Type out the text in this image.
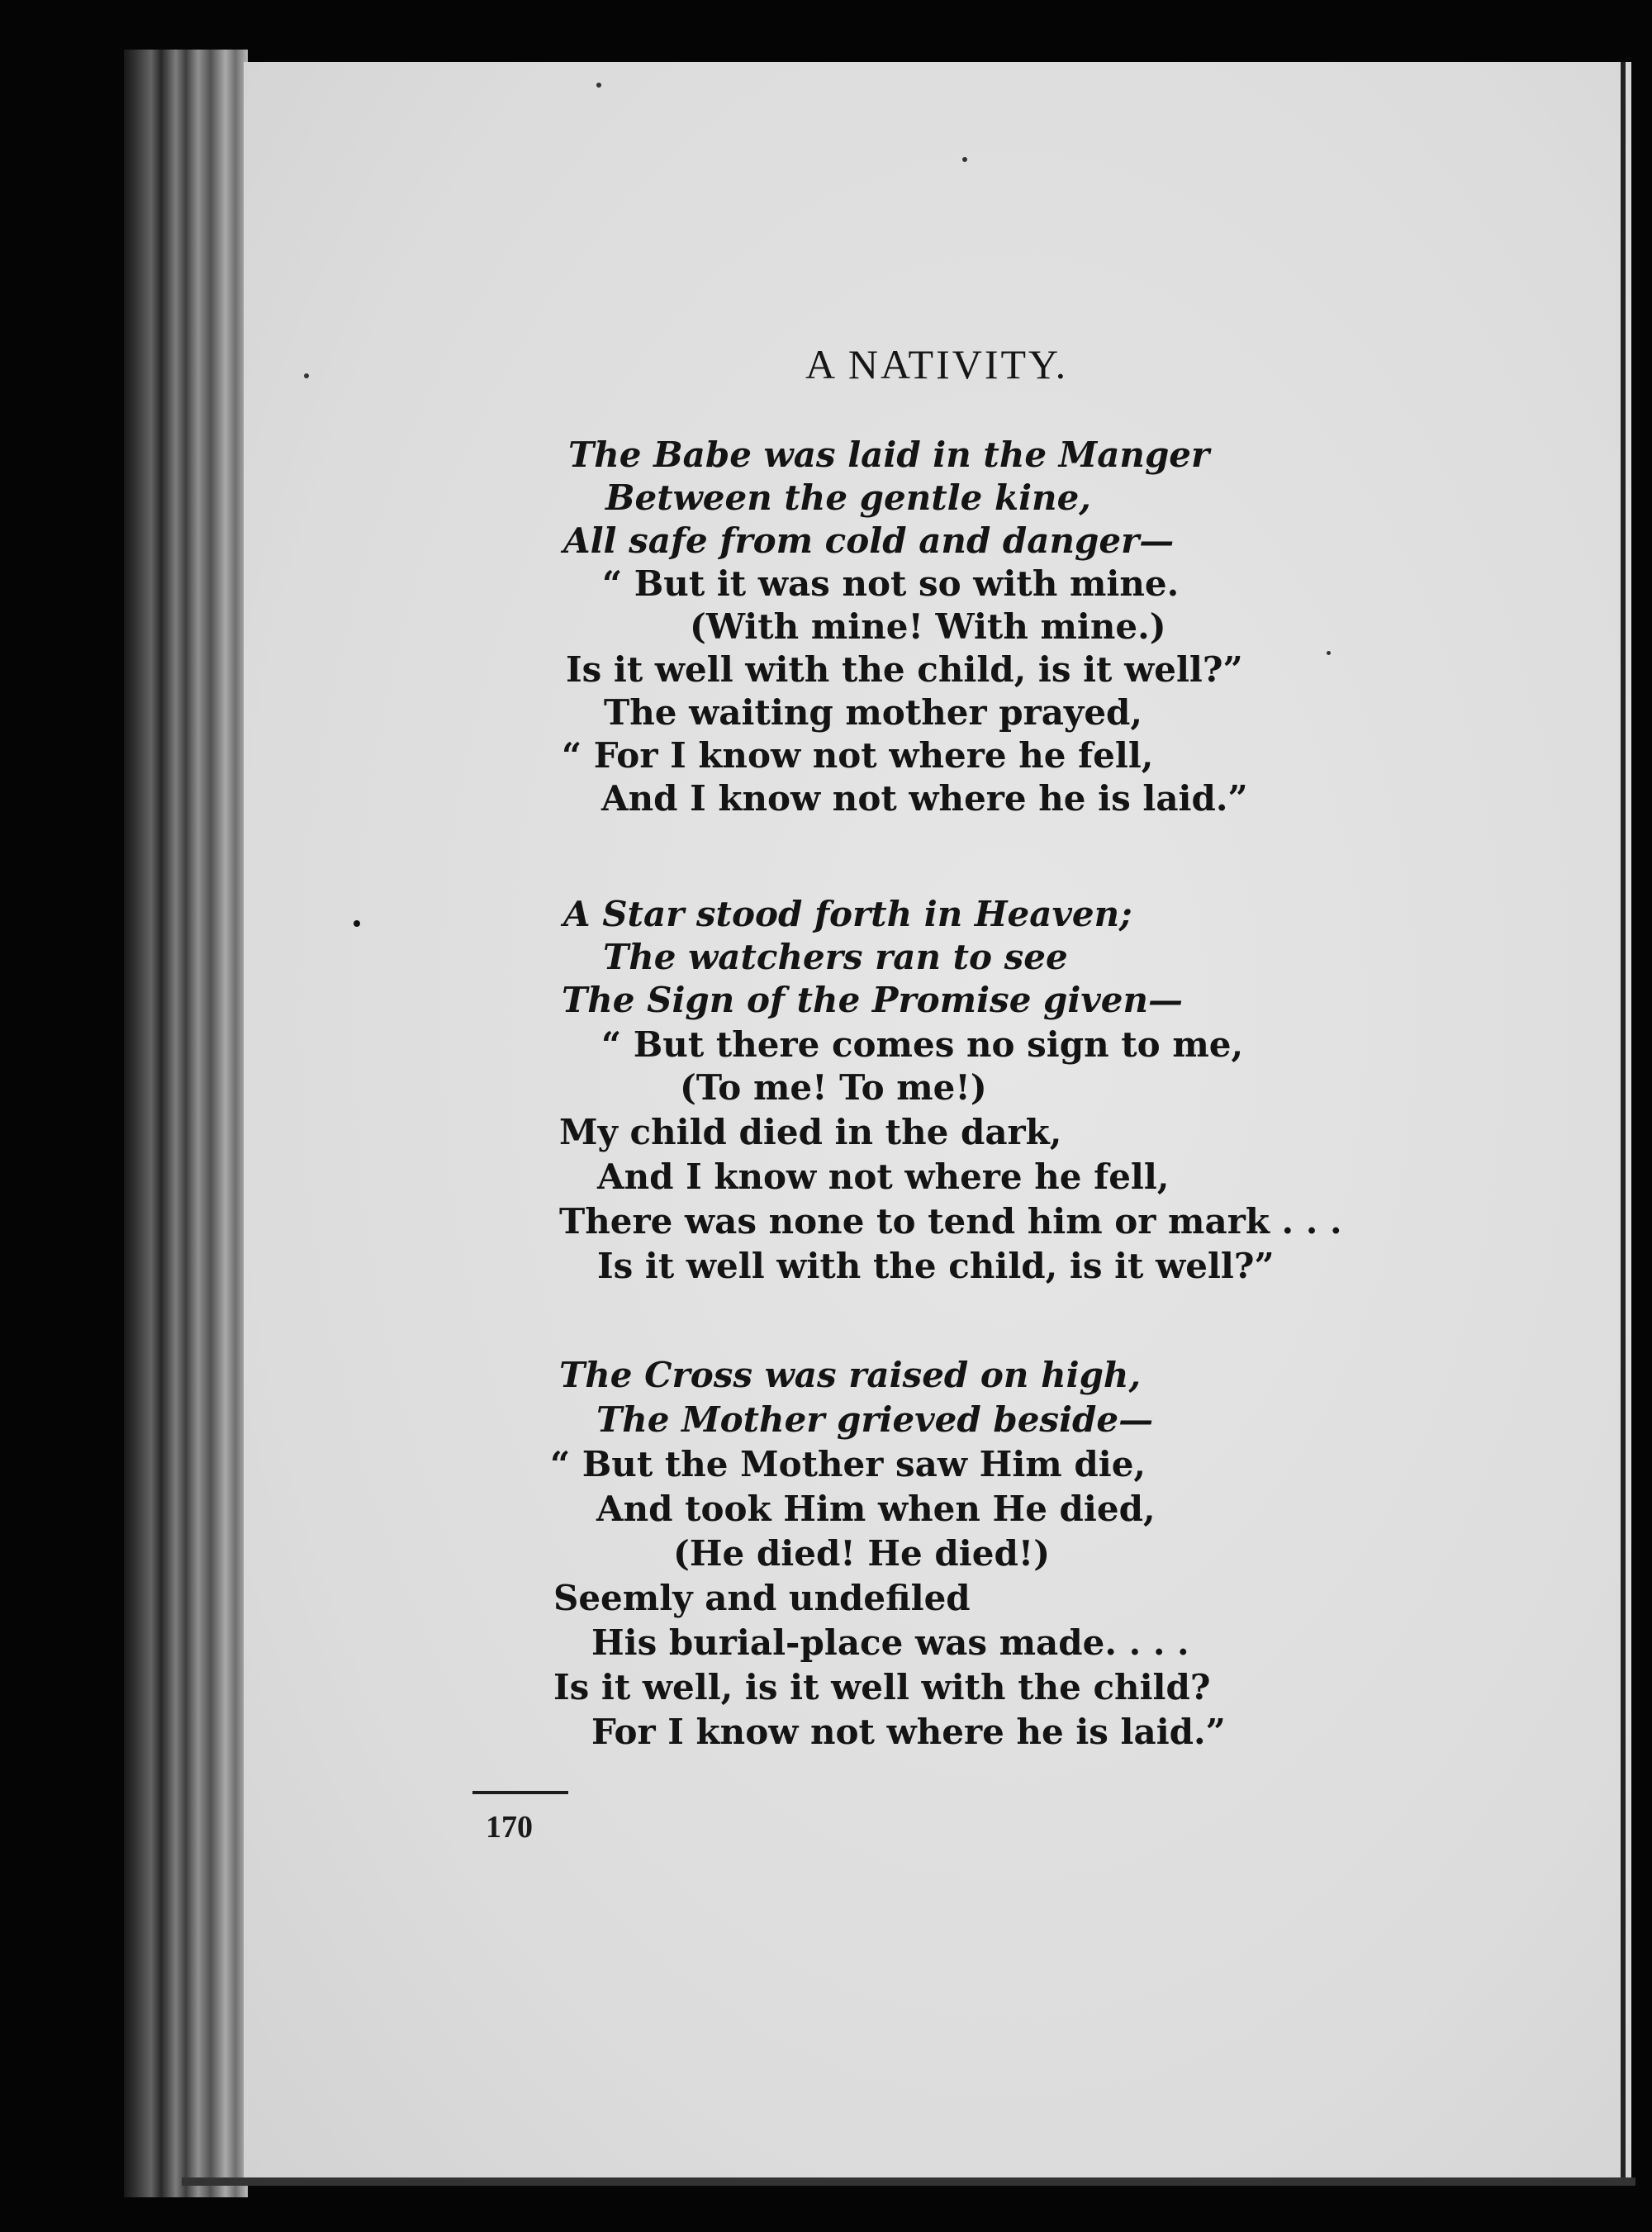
A NATIVITY.
The Babe was laid in the Manger
Between the gentle kine,
All safe from cold and danger—
“ But it was not so with mine.
(With mine! With mine.)
Is it well with the child, is it well?”
The waiting mother prayed,
“ For I know not where he fell,
And I know not where he is laid.”
A Star stood forth in Heaven;
The watchers ran to see
The Sign of the Promise given—
“ But there comes no sign to me,
(To me! To me!)
My child died in the dark,
And I know not where he fell,
There was none to tend him or mark . . .
Is it well with the child, is it well?”
The Cross was raised on high,
The Mother grieved beside—
“ But the Mother saw Him die,
And took Him when He died,
(He died! He died!)
Seemly and undefiled
His burial-place was made. . . .
Is it well, is it well with the child?
For I know not where he is laid.”
170
